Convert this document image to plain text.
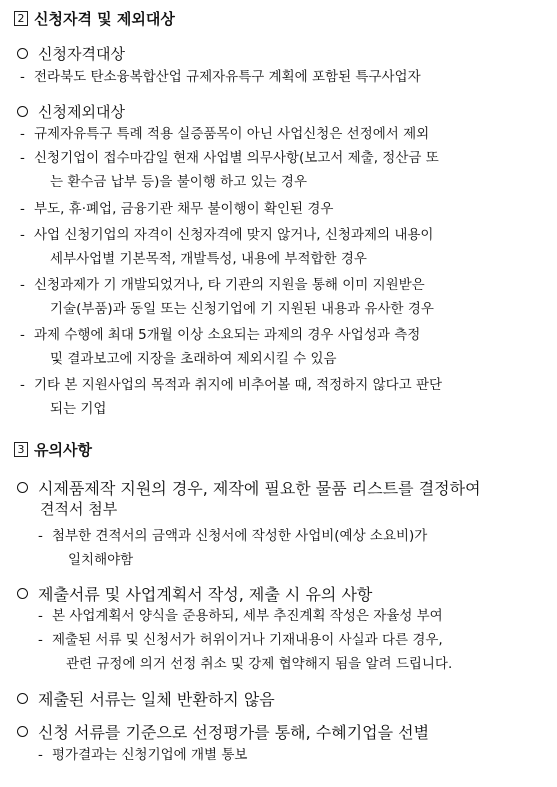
2 신청자격 및 제외대상
신청자격대상
- 전라북도 탄소융복합산업 규제자유특구 계획에 포함된 특구사업자
신청제외대상
- 규제자유특구 특례 적용 실증품목이 아닌 사업신청은 선정에서 제외
- 신청기업이 접수마감일 현재 사업별 의무사항(보고서 제출, 정산금 또
는 환수금 납부 등)을 불이행 하고 있는 경우
- 부도, 휴·폐업, 금융기관 채무 불이행이 확인된 경우
- 사업 신청기업의 자격이 신청자격에 맞지 않거나, 신청과제의 내용이
세부사업별 기본목적, 개발특성, 내용에 부적합한 경우
- 신청과제가 기 개발되었거나, 타 기관의 지원을 통해 이미 지원받은
기술(부품)과 동일 또는 신청기업에 기 지원된 내용과 유사한 경우
- 과제 수행에 최대 5개월 이상 소요되는 과제의 경우 사업성과 측정
및 결과보고에 지장을 초래하여 제외시킬 수 있음
- 기타 본 지원사업의 목적과 취지에 비추어볼 때, 적정하지 않다고 판단
되는 기업
3 유의사항
시제품제작 지원의 경우, 제작에 필요한 물품 리스트를 결정하여
견적서 첨부
- 첨부한 견적서의 금액과 신청서에 작성한 사업비(예상 소요비)가
일치해야함
제출서류 및 사업계획서 작성, 제출 시 유의 사항
- 본 사업계획서 양식을 준용하되, 세부 추진계획 작성은 자율성 부여
- 제출된 서류 및 신청서가 허위이거나 기재내용이 사실과 다른 경우,
관련 규정에 의거 선정 취소 및 강제 협약해지 됨을 알려 드립니다.
제출된 서류는 일체 반환하지 않음
신청 서류를 기준으로 선정평가를 통해, 수혜기업을 선별
- 평가결과는 신청기업에 개별 통보
